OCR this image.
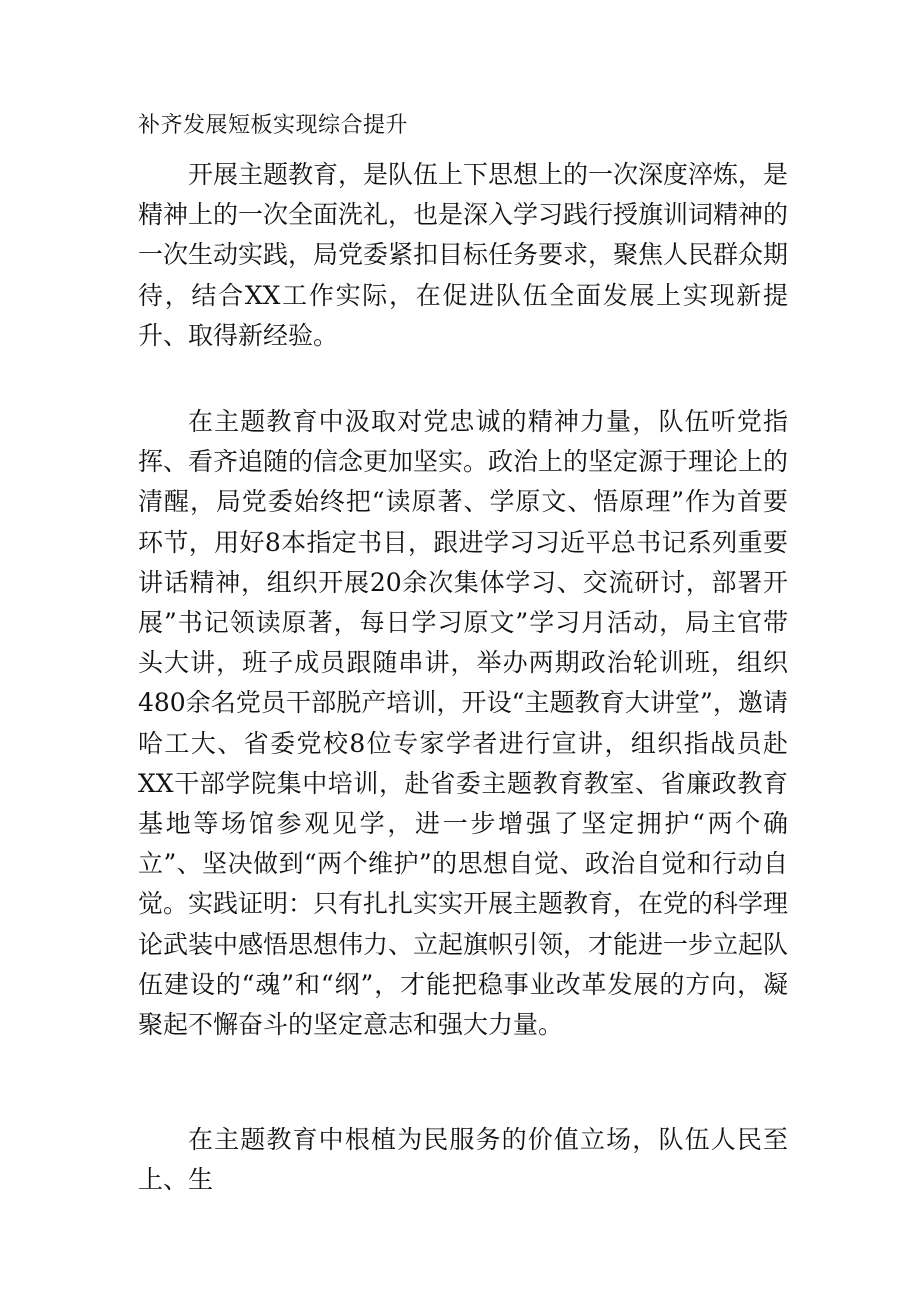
补齐发展短板实现综合提升

开展主题教育，是队伍上下思想上的一次深度淬炼，是精神上的一次全面洗礼，也是深入学习践行授旗训词精神的一次生动实践，局党委紧扣目标任务要求，聚焦人民群众期待，结合XX工作实际，在促进队伍全面发展上实现新提升、取得新经验。

在主题教育中汲取对党忠诚的精神力量，队伍听党指挥、看齐追随的信念更加坚实。政治上的坚定源于理论上的清醒，局党委始终把“读原著、学原文、悟原理”作为首要环节，用好8本指定书目，跟进学习习近平总书记系列重要讲话精神，组织开展20余次集体学习、交流研讨，部署开展”书记领读原著，每日学习原文”学习月活动，局主官带头大讲，班子成员跟随串讲，举办两期政治轮训班，组织480余名党员干部脱产培训，开设“主题教育大讲堂”，邀请哈工大、省委党校8位专家学者进行宣讲，组织指战员赴XX干部学院集中培训，赴省委主题教育教室、省廉政教育基地等场馆参观见学，进一步增强了坚定拥护“两个确立”、坚决做到“两个维护”的思想自觉、政治自觉和行动自觉。实践证明：只有扎扎实实开展主题教育，在党的科学理论武装中感悟思想伟力、立起旗帜引领，才能进一步立起队伍建设的“魂”和“纲”，才能把稳事业改革发展的方向，凝聚起不懈奋斗的坚定意志和强大力量。

在主题教育中根植为民服务的价值立场，队伍人民至上、生
